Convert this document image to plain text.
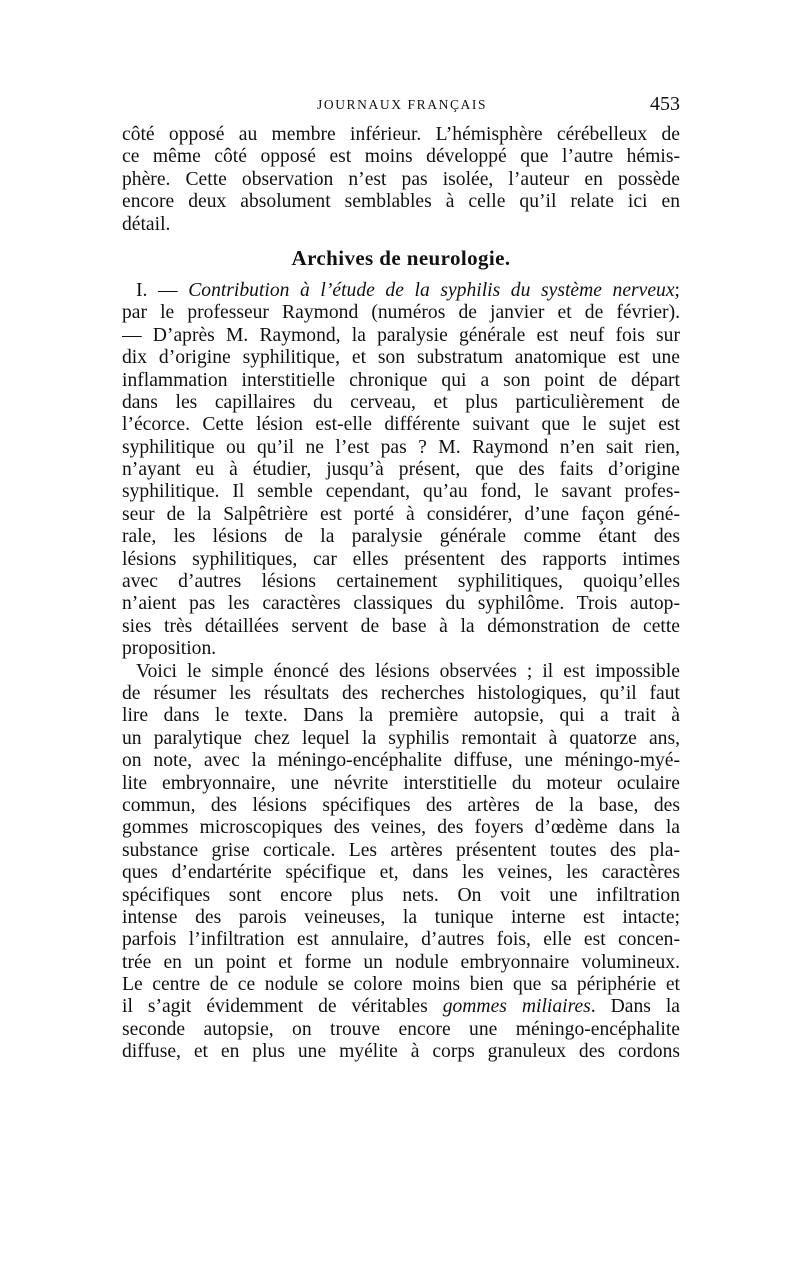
JOURNAUX FRANÇAIS	453
côté opposé au membre inférieur. L’hémisphère cérébelleux de
ce même côté opposé est moins développé que l’autre hémis-
phère. Cette observation n’est pas isolée, l’auteur en possède
encore deux absolument semblables à celle qu’il relate ici en
détail.
Archives de neurologie.
I. — Contribution à l’étude de la syphilis du système nerveux;
par le professeur Raymond (numéros de janvier et de février).
— D’après M. Raymond, la paralysie générale est neuf fois sur
dix d’origine syphilitique, et son substratum anatomique est une
inflammation interstitielle chronique qui a son point de départ
dans les capillaires du cerveau, et plus particulièrement de
l’écorce. Cette lésion est-elle différente suivant que le sujet est
syphilitique ou qu’il ne l’est pas ? M. Raymond n’en sait rien,
n’ayant eu à étudier, jusqu’à présent, que des faits d’origine
syphilitique. Il semble cependant, qu’au fond, le savant profes-
seur de la Salpêtrière est porté à considérer, d’une façon géné-
rale, les lésions de la paralysie générale comme étant des
lésions syphilitiques, car elles présentent des rapports intimes
avec d’autres lésions certainement syphilitiques, quoiqu’elles
n’aient pas les caractères classiques du syphilôme. Trois autop-
sies très détaillées servent de base à la démonstration de cette
proposition.
Voici le simple énoncé des lésions observées ; il est impossible
de résumer les résultats des recherches histologiques, qu’il faut
lire dans le texte. Dans la première autopsie, qui a trait à
un paralytique chez lequel la syphilis remontait à quatorze ans,
on note, avec la méningo-encéphalite diffuse, une méningo-myé-
lite embryonnaire, une névrite interstitielle du moteur oculaire
commun, des lésions spécifiques des artères de la base, des
gommes microscopiques des veines, des foyers d’œdème dans la
substance grise corticale. Les artères présentent toutes des pla-
ques d’endartérite spécifique et, dans les veines, les caractères
spécifiques sont encore plus nets. On voit une infiltration
intense des parois veineuses, la tunique interne est intacte;
parfois l’infiltration est annulaire, d’autres fois, elle est concen-
trée en un point et forme un nodule embryonnaire volumineux.
Le centre de ce nodule se colore moins bien que sa périphérie et
il s’agit évidemment de véritables gommes miliaires. Dans la
seconde autopsie, on trouve encore une méningo-encéphalite
diffuse, et en plus une myélite à corps granuleux des cordons
